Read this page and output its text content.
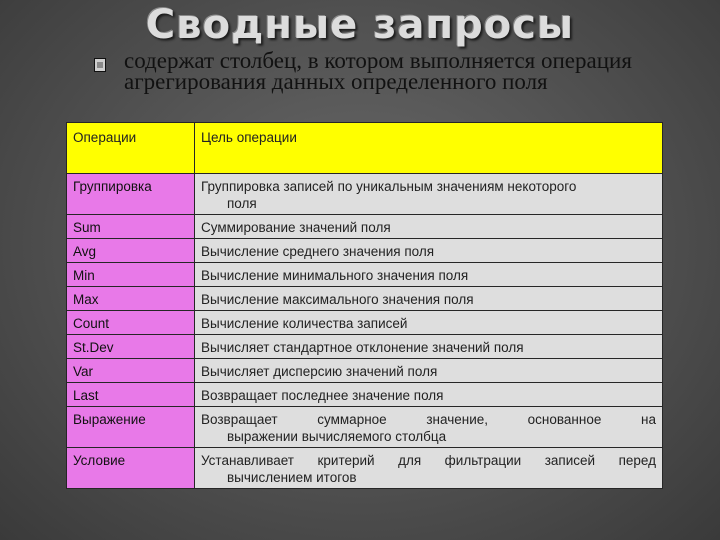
Сводные запросы
содержат столбец, в котором выполняется операция агрегирования данных определенного поля
Операции	Цель операции
Группировка	Группировка записей по уникальным значениям некоторого
поля

Sum	Суммирование значений поля
Avg	Вычисление среднего значения поля
Min	Вычисление минимального значения поля
Max	Вычисление максимального значения поля
Count	Вычисление количества записей
St.Dev	Вычисляет стандартное отклонение значений поля
Var	Вычисляет дисперсию значений поля
Last	Возвращает последнее значение поля
Выражение	Возвращает суммарное значение, основанное на
выражении вычисляемого столбца

Условие	Устанавливает критерий для фильтрации записей перед
вычислением итогов
